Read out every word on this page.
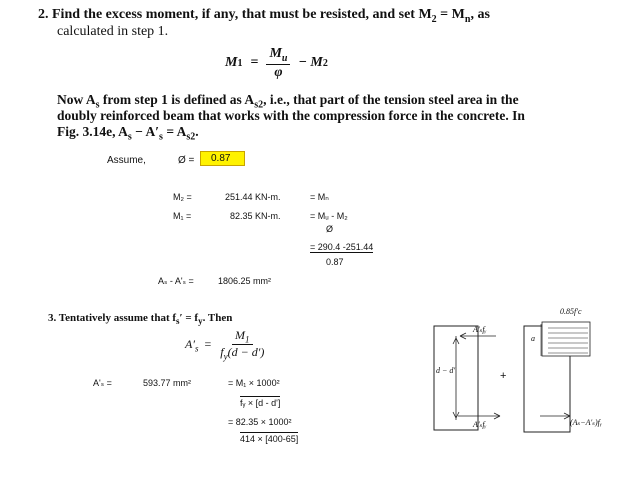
2. Find the excess moment, if any, that must be resisted, and set $M_2 = M_n$, as
calculated in step 1.
M $1 = \frac{M_u}{\varphi} - M$ 2
Now $A_s$ from step 1 is defined as $A_{s2}$, i.e., that part of the tension steel area in the
doubly reinforced beam that works with the compression force in the concrete. In
Fig. 3.14e, $A_s - A'_s = A_{s2}$.
Assume,	Ø =	0.87
M₂ =	251.44 KN-m.	= Mₙ
M₁ =	82.35 KN-m.	= Mᵤ - M₂
Ø
= 290.4 -251.44
0.87
Aₛ - A'ₛ =	1806.25 mm²
3. Tentatively assume that $f_s' = f_y$. Then
$A'_s = \frac{M_1}{f_y(d - d')}$
A'ₛ =	593.77 mm²	= M₁ × 1000²
fᵧ × [d - d']
= 82.35 × 1000²
414 × [400-65]
0.85f′c
A′ₛfᵧ
d − d′	+
a
A′ₛfᵧ	(Aₛ−A′ₛ)fᵧ
